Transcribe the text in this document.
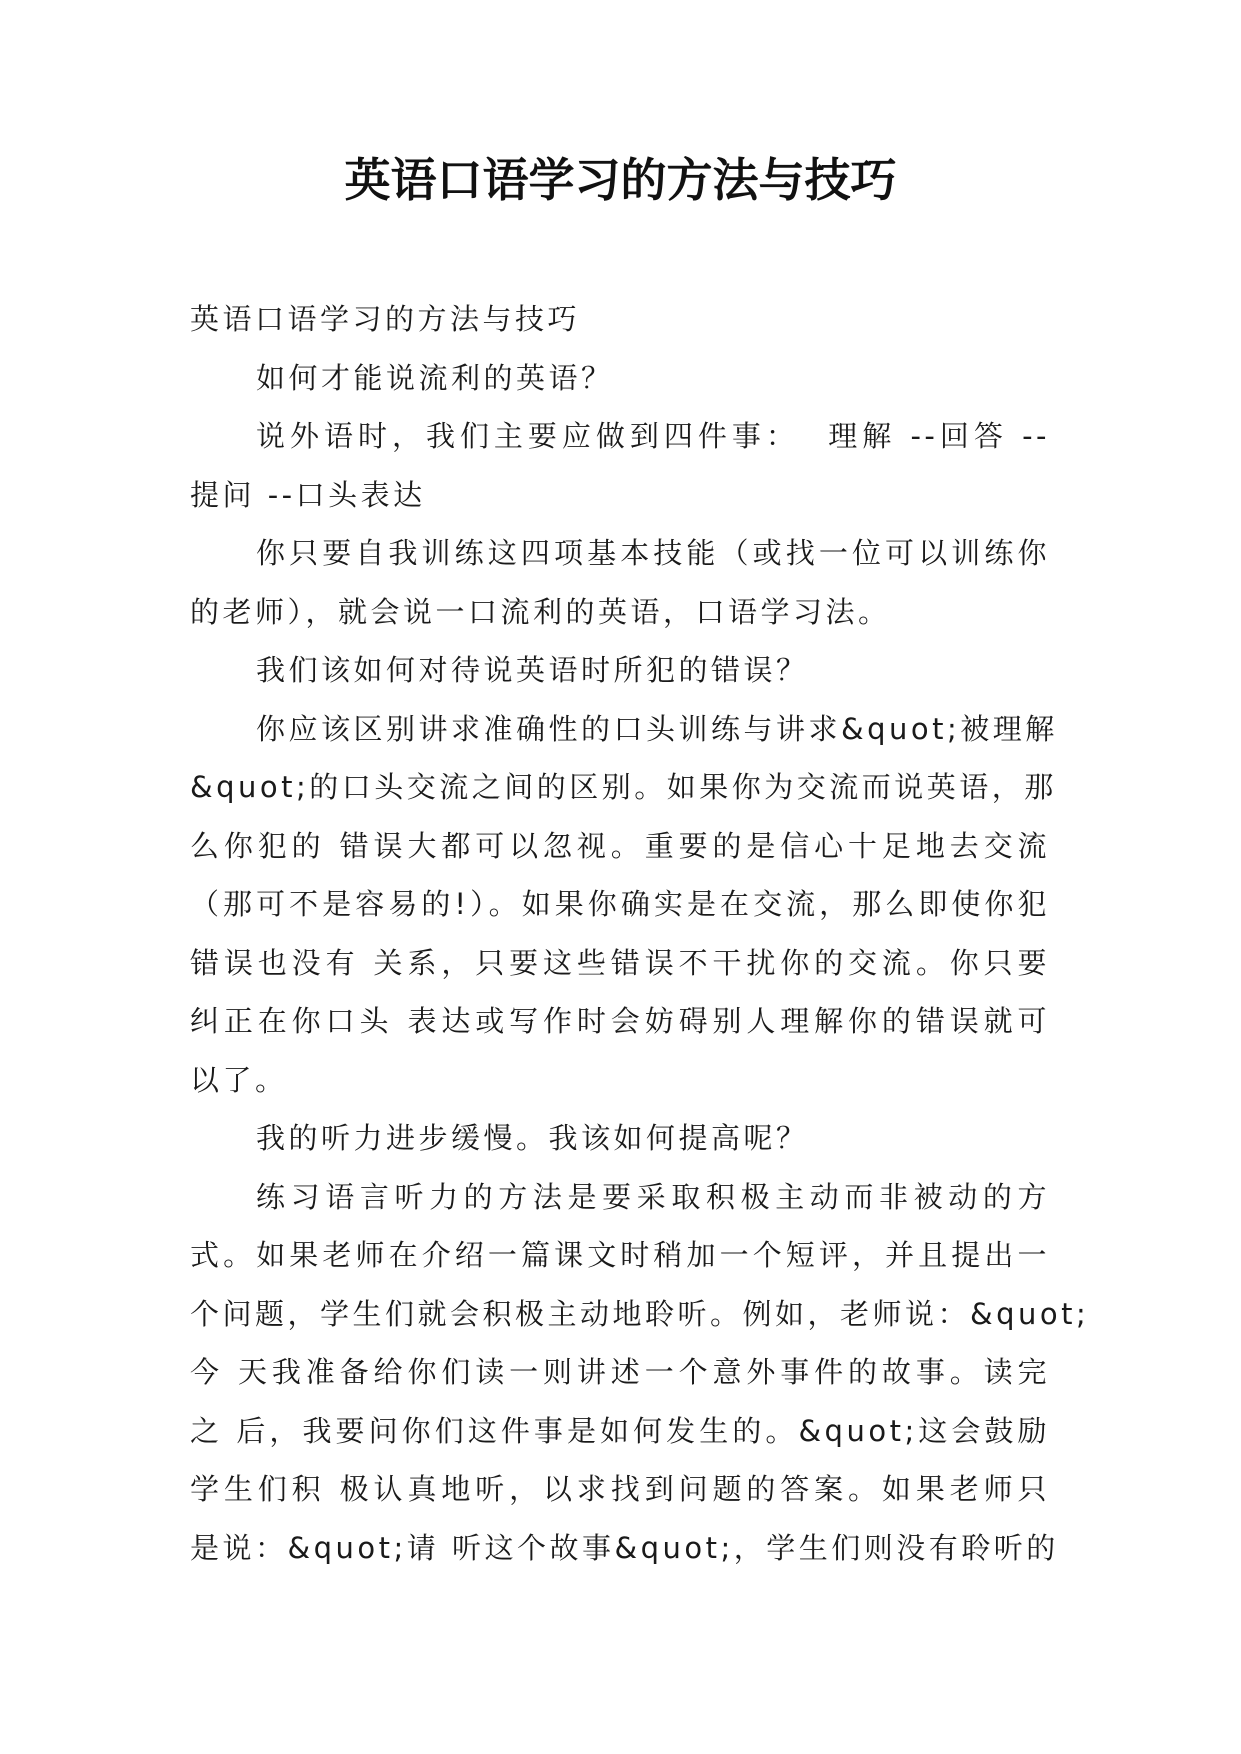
英语口语学习的方法与技巧
英语口语学习的方法与技巧
如何才能说流利的英语？
说外语时，我们主要应做到四件事：  理解 --回答 --
提问 --口头表达
你只要自我训练这四项基本技能（或找一位可以训练你
的老师），就会说一口流利的英语，口语学习法。
我们该如何对待说英语时所犯的错误？
你应该区别讲求准确性的口头训练与讲求&quot;被理解
&quot;的口头交流之间的区别。如果你为交流而说英语，那
么你犯的 错误大都可以忽视。重要的是信心十足地去交流
（那可不是容易的!）。如果你确实是在交流，那么即使你犯
错误也没有 关系，只要这些错误不干扰你的交流。你只要
纠正在你口头 表达或写作时会妨碍别人理解你的错误就可
以了。
我的听力进步缓慢。我该如何提高呢？
练习语言听力的方法是要采取积极主动而非被动的方
式。如果老师在介绍一篇课文时稍加一个短评，并且提出一
个问题，学生们就会积极主动地聆听。例如，老师说：&quot;
今 天我准备给你们读一则讲述一个意外事件的故事。读完
之 后，我要问你们这件事是如何发生的。&quot;这会鼓励
学生们积 极认真地听，以求找到问题的答案。如果老师只
是说：&quot;请 听这个故事&quot;，学生们则没有聆听的
